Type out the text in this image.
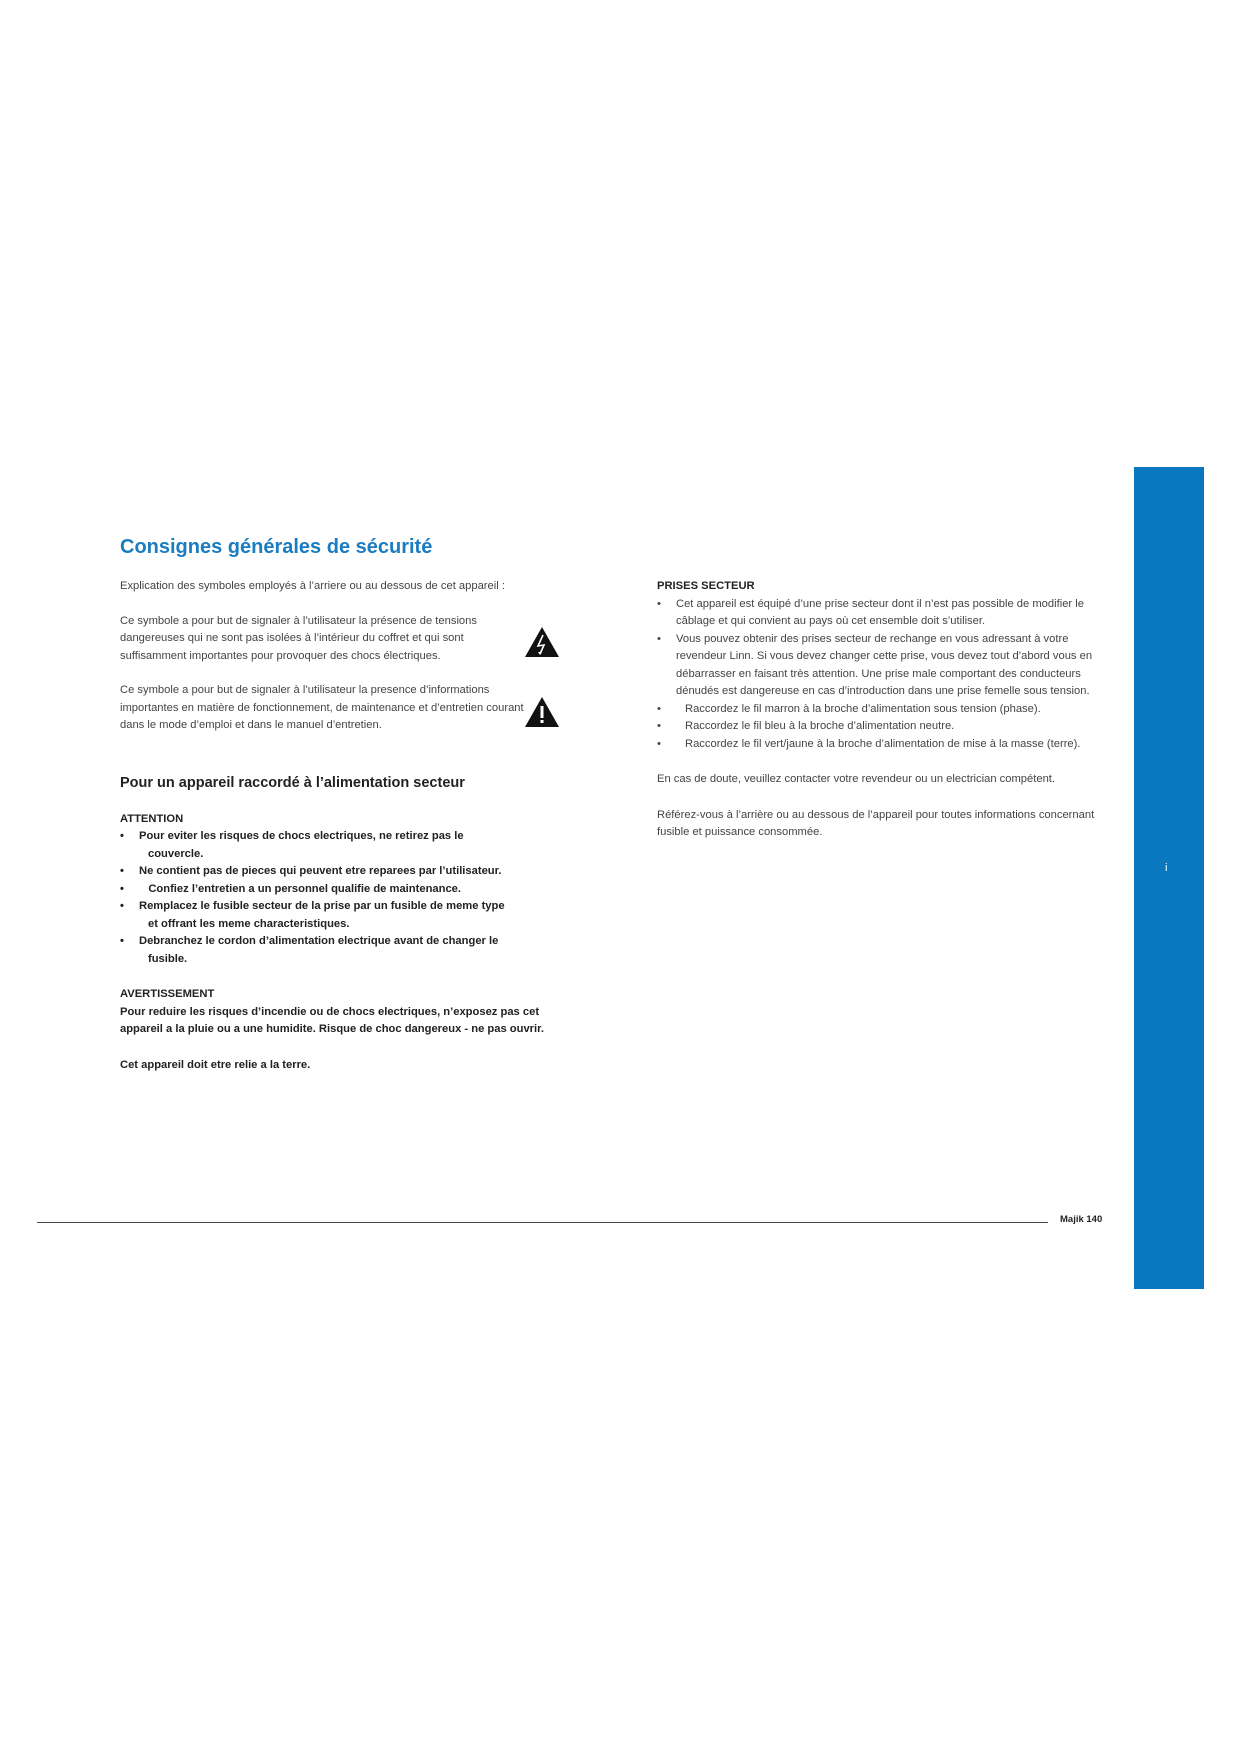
i
Consignes générales de sécurité

Explication des symboles employés à l’arriere ou au dessous de cet appareil :

Ce symbole a pour but de signaler à l’utilisateur la présence de tensions dangereuses qui ne sont pas isolées à l’intérieur du coffret et qui sont suffisamment importantes pour provoquer des chocs électriques.

Ce symbole a pour but de signaler à l’utilisateur la presence d’informations importantes en matière de fonctionnement, de maintenance et d’entretien courant dans le mode d’emploi et dans le manuel d’entretien.

Pour un appareil raccordé à l’alimentation secteur

ATTENTION

• Pour eviter les risques de chocs electriques, ne retirez pas le
couvercle.
• Ne contient pas de pieces qui peuvent etre reparees par l’utilisateur.
•    Confiez l’entretien a un personnel qualifie de maintenance.
• Remplacez le fusible secteur de la prise par un fusible de meme type
et offrant les meme characteristiques.
• Debranchez le cordon d’alimentation electrique avant de changer le
fusible.

AVERTISSEMENT

Pour reduire les risques d’incendie ou de chocs electriques, n’exposez pas cet appareil a la pluie ou a une humidite. Risque de choc dangereux - ne pas ouvrir.

Cet appareil doit etre relie a la terre.

PRISES SECTEUR

• Cet appareil est équipé d’une prise secteur dont il n’est pas possible de modifier le câblage et qui convient au pays où cet ensemble doit s’utiliser.
• Vous pouvez obtenir des prises secteur de rechange en vous adressant à votre revendeur Linn. Si vous devez changer cette prise, vous devez tout d’abord vous en débarrasser en faisant très attention. Une prise male comportant des conducteurs dénudés est dangereuse en cas d’introduction dans une prise femelle sous tension.
• Raccordez le fil marron à la broche d’alimentation sous tension (phase).
• Raccordez le fil bleu à la broche d’alimentation neutre.
• Raccordez le fil vert/jaune à la broche d’alimentation de mise à la masse (terre).

En cas de doute, veuillez contacter votre revendeur ou un electrician compétent.

Référez-vous à l’arrière ou au dessous de l’appareil pour toutes informations concernant fusible et puissance consommée.

Majik 140
